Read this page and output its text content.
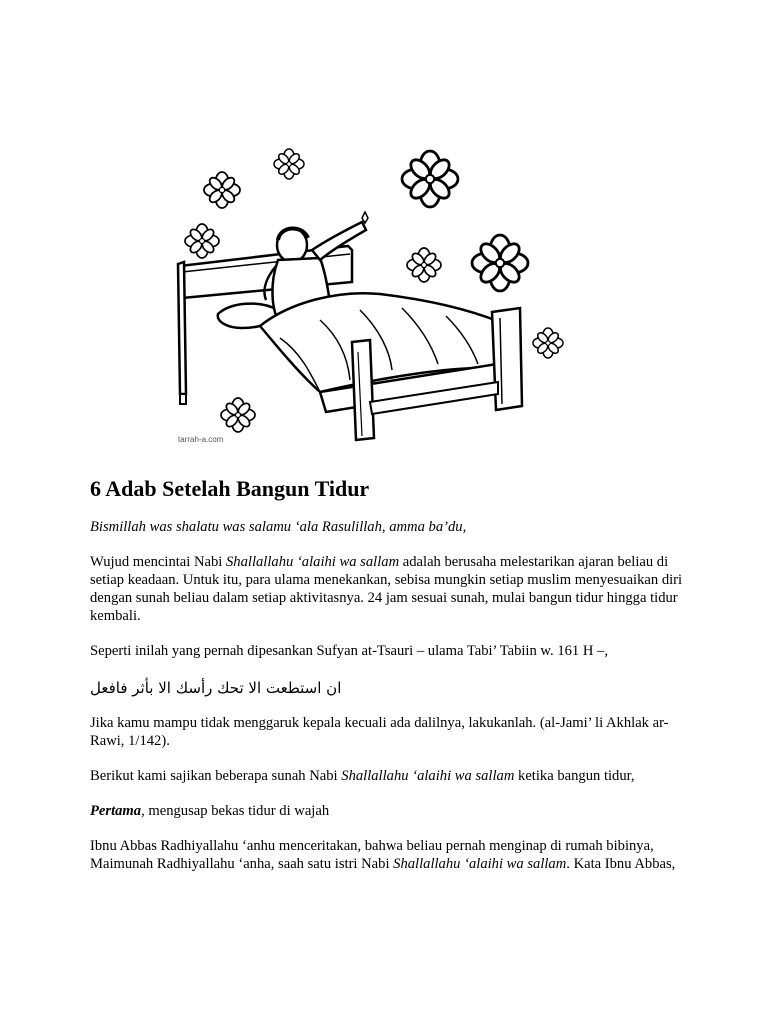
tarrah-a.com
6 Adab Setelah Bangun Tidur

Bismillah was shalatu was salamu ‘ala Rasulillah, amma ba’du,

Wujud mencintai Nabi Shallallahu ‘alaihi wa sallam adalah berusaha melestarikan ajaran beliau di setiap keadaan. Untuk itu, para ulama menekankan, sebisa mungkin setiap muslim menyesuaikan diri dengan sunah beliau dalam setiap aktivitasnya. 24 jam sesuai sunah, mulai bangun tidur hingga tidur kembali.

Seperti inilah yang pernah dipesankan Sufyan at-Tsauri – ulama Tabi’ Tabiin w. 161 H –,

ان استطعت الا تحك رأسك الا بأثر فافعل

Jika kamu mampu tidak menggaruk kepala kecuali ada dalilnya, lakukanlah. (al-Jami’ li Akhlak ar-Rawi, 1/142).

Berikut kami sajikan beberapa sunah Nabi Shallallahu ‘alaihi wa sallam ketika bangun tidur,

Pertama, mengusap bekas tidur di wajah

Ibnu Abbas Radhiyallahu ‘anhu menceritakan, bahwa beliau pernah menginap di rumah bibinya, Maimunah Radhiyallahu ‘anha, saah satu istri Nabi Shallallahu ‘alaihi wa sallam. Kata Ibnu Abbas,
